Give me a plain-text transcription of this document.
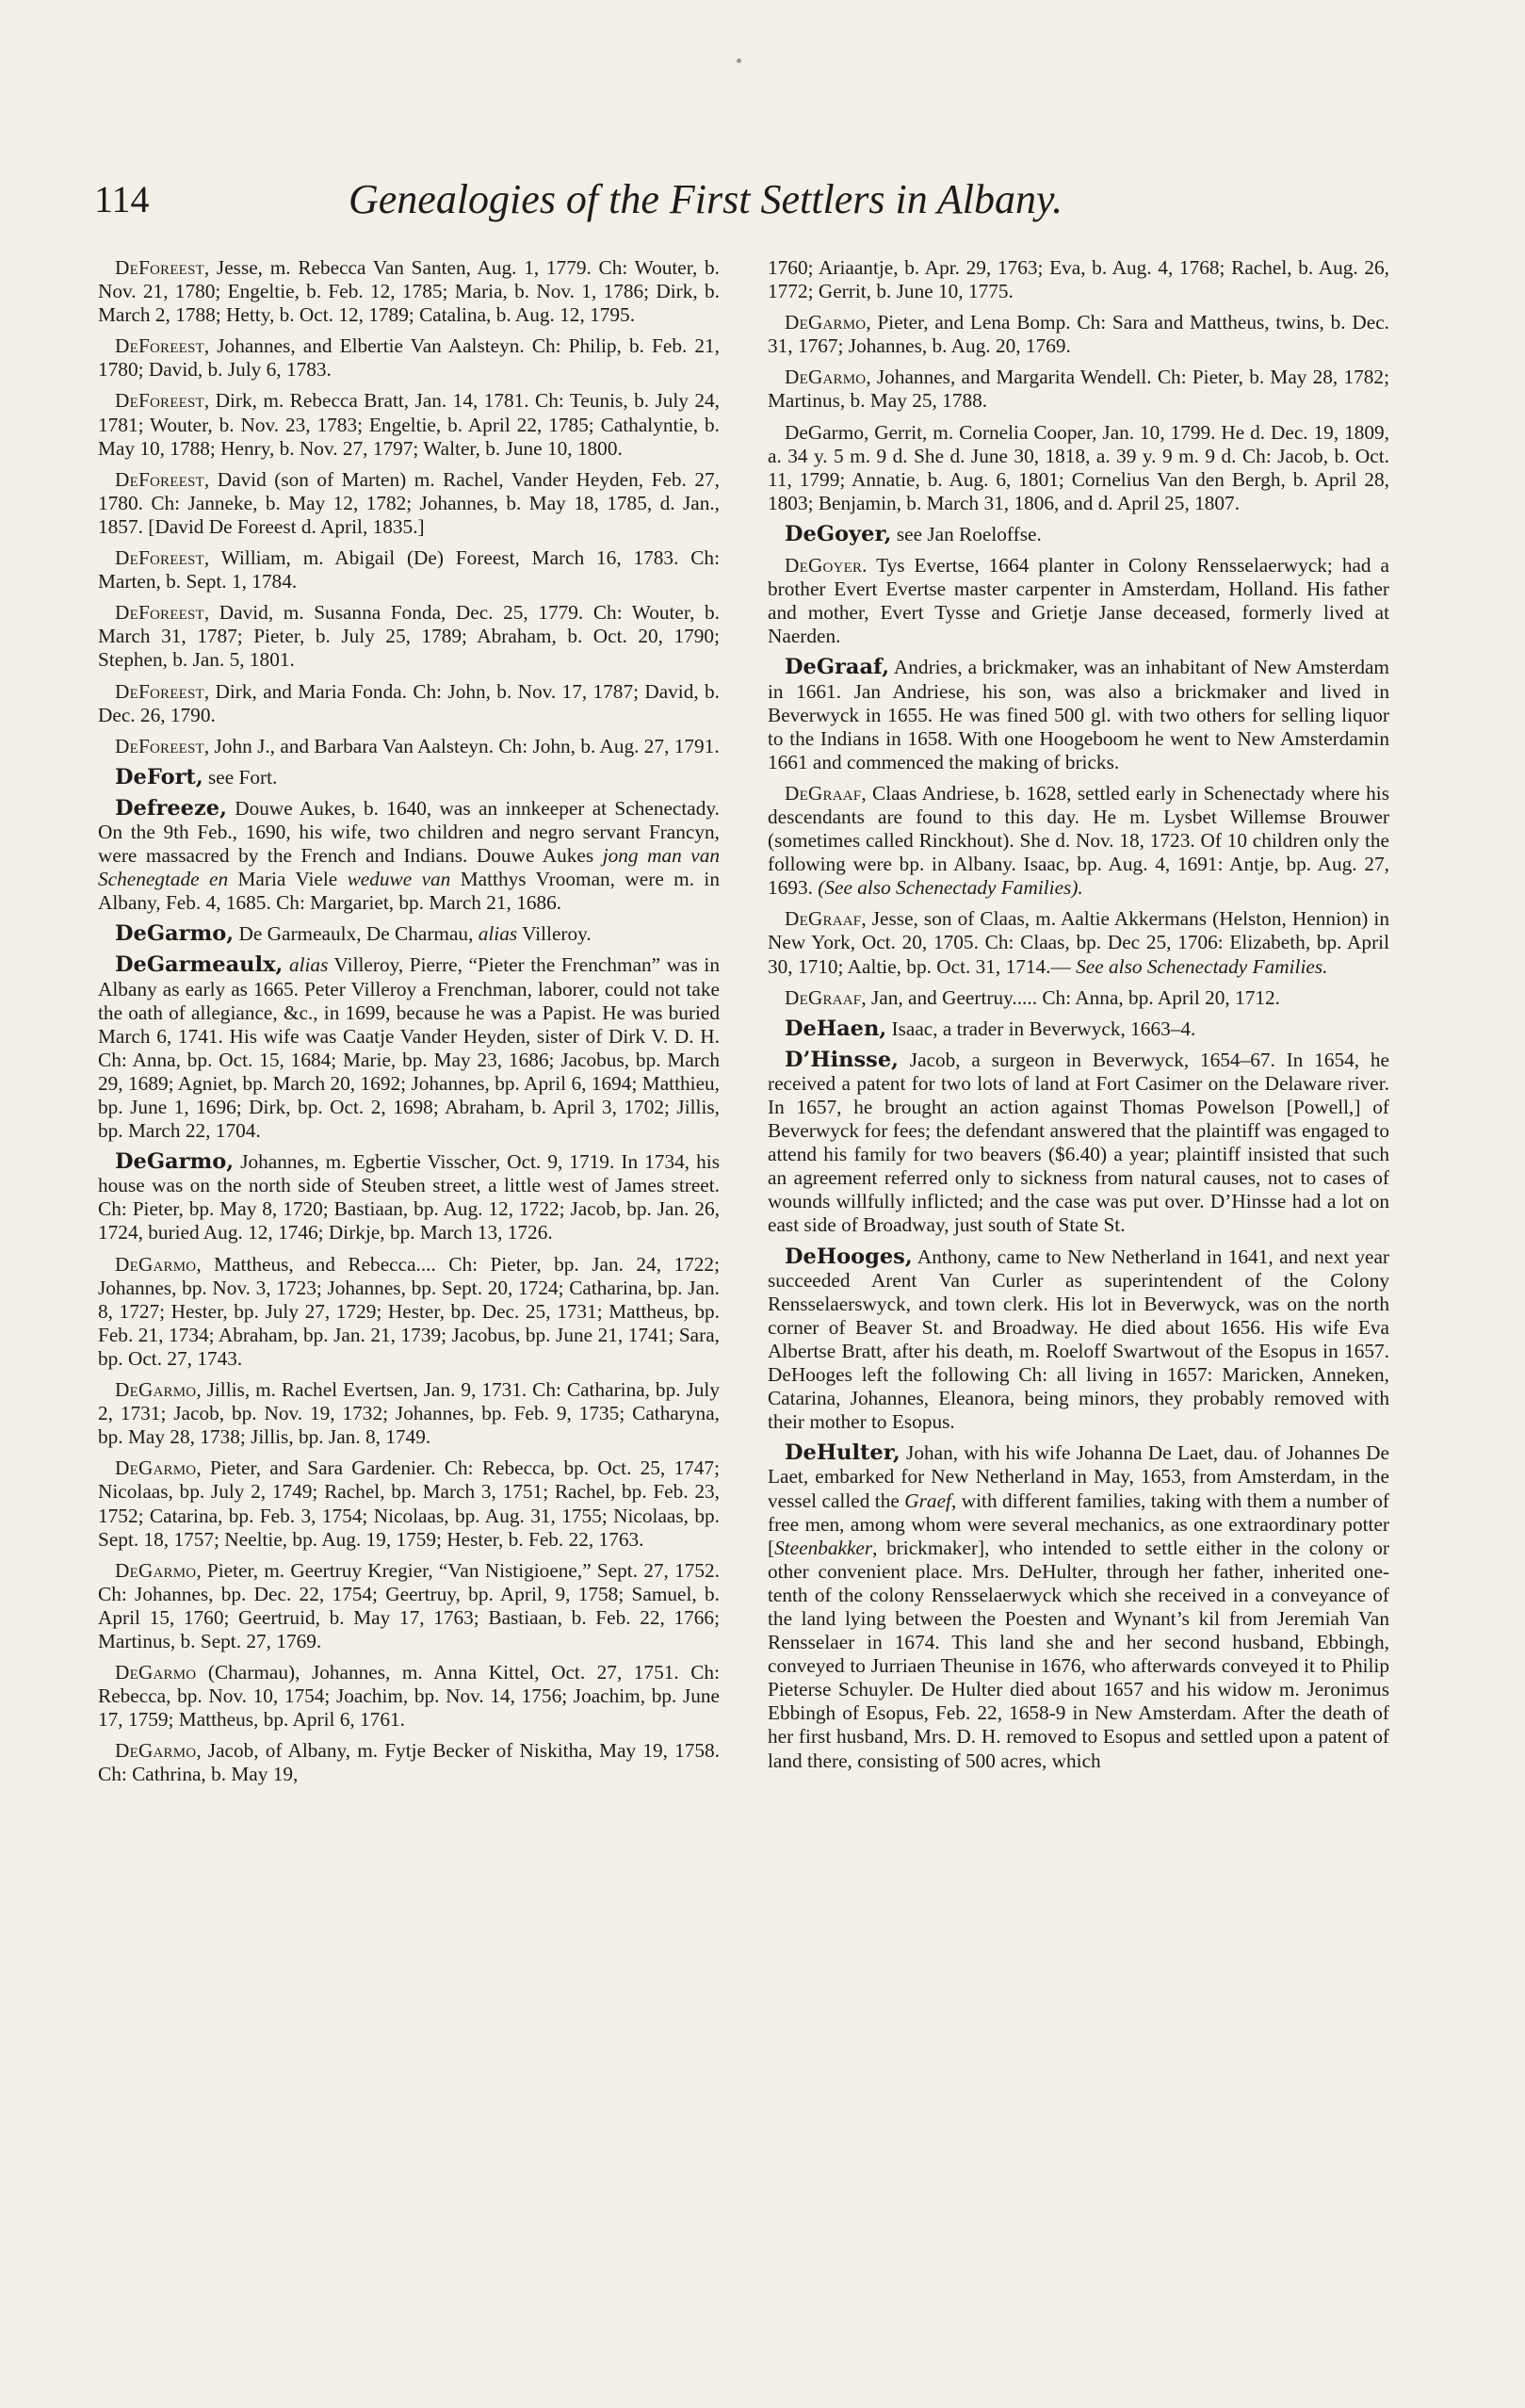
114	Genealogies of the First Settlers in Albany.

DeForeest, Jesse, m. Rebecca Van Santen, Aug. 1, 1779. Ch: Wouter, b. Nov. 21, 1780; Engeltie, b. Feb. 12, 1785; Maria, b. Nov. 1, 1786; Dirk, b. March 2, 1788; Hetty, b. Oct. 12, 1789; Catalina, b. Aug. 12, 1795.

DeForeest, Johannes, and Elbertie Van Aalsteyn. Ch: Philip, b. Feb. 21, 1780; David, b. July 6, 1783.

DeForeest, Dirk, m. Rebecca Bratt, Jan. 14, 1781. Ch: Teunis, b. July 24, 1781; Wouter, b. Nov. 23, 1783; Engeltie, b. April 22, 1785; Cathalyntie, b. May 10, 1788; Henry, b. Nov. 27, 1797; Walter, b. June 10, 1800.

DeForeest, David (son of Marten) m. Rachel, Vander Heyden, Feb. 27, 1780. Ch: Janneke, b. May 12, 1782; Johannes, b. May 18, 1785, d. Jan., 1857. [David De Foreest d. April, 1835.]

DeForeest, William, m. Abigail (De) Foreest, March 16, 1783. Ch: Marten, b. Sept. 1, 1784.

DeForeest, David, m. Susanna Fonda, Dec. 25, 1779. Ch: Wouter, b. March 31, 1787; Pieter, b. July 25, 1789; Abraham, b. Oct. 20, 1790; Stephen, b. Jan. 5, 1801.

DeForeest, Dirk, and Maria Fonda. Ch: John, b. Nov. 17, 1787; David, b. Dec. 26, 1790.

DeForeest, John J., and Barbara Van Aalsteyn. Ch: John, b. Aug. 27, 1791.

DeFort, see Fort.

Defreeze, Douwe Aukes, b. 1640, was an innkeeper at Schenectady. On the 9th Feb., 1690, his wife, two children and negro servant Francyn, were massacred by the French and Indians. Douwe Aukes jong man van Schenegtade en Maria Viele weduwe van Matthys Vrooman, were m. in Albany, Feb. 4, 1685. Ch: Margariet, bp. March 21, 1686.

DeGarmo, De Garmeaulx, De Charmau, alias Villeroy.

DeGarmeaulx, alias Villeroy, Pierre, “Pieter the Frenchman” was in Albany as early as 1665. Peter Villeroy a Frenchman, laborer, could not take the oath of allegiance, &c., in 1699, because he was a Papist. He was buried March 6, 1741. His wife was Caatje Vander Heyden, sister of Dirk V. D. H. Ch: Anna, bp. Oct. 15, 1684; Marie, bp. May 23, 1686; Jacobus, bp. March 29, 1689; Agniet, bp. March 20, 1692; Johannes, bp. April 6, 1694; Matthieu, bp. June 1, 1696; Dirk, bp. Oct. 2, 1698; Abraham, b. April 3, 1702; Jillis, bp. March 22, 1704.

DeGarmo, Johannes, m. Egbertie Visscher, Oct. 9, 1719. In 1734, his house was on the north side of Steuben street, a little west of James street. Ch: Pieter, bp. May 8, 1720; Bastiaan, bp. Aug. 12, 1722; Jacob, bp. Jan. 26, 1724, buried Aug. 12, 1746; Dirkje, bp. March 13, 1726.

DeGarmo, Mattheus, and Rebecca.... Ch: Pieter, bp. Jan. 24, 1722; Johannes, bp. Nov. 3, 1723; Johannes, bp. Sept. 20, 1724; Catharina, bp. Jan. 8, 1727; Hester, bp. July 27, 1729; Hester, bp. Dec. 25, 1731; Mattheus, bp. Feb. 21, 1734; Abraham, bp. Jan. 21, 1739; Jacobus, bp. June 21, 1741; Sara, bp. Oct. 27, 1743.

DeGarmo, Jillis, m. Rachel Evertsen, Jan. 9, 1731. Ch: Catharina, bp. July 2, 1731; Jacob, bp. Nov. 19, 1732; Johannes, bp. Feb. 9, 1735; Catharyna, bp. May 28, 1738; Jillis, bp. Jan. 8, 1749.

DeGarmo, Pieter, and Sara Gardenier. Ch: Rebecca, bp. Oct. 25, 1747; Nicolaas, bp. July 2, 1749; Rachel, bp. March 3, 1751; Rachel, bp. Feb. 23, 1752; Catarina, bp. Feb. 3, 1754; Nicolaas, bp. Aug. 31, 1755; Nicolaas, bp. Sept. 18, 1757; Neeltie, bp. Aug. 19, 1759; Hester, b. Feb. 22, 1763.

DeGarmo, Pieter, m. Geertruy Kregier, “Van Nistigioene,” Sept. 27, 1752. Ch: Johannes, bp. Dec. 22, 1754; Geertruy, bp. April, 9, 1758; Samuel, b. April 15, 1760; Geertruid, b. May 17, 1763; Bastiaan, b. Feb. 22, 1766; Martinus, b. Sept. 27, 1769.

DeGarmo (Charmau), Johannes, m. Anna Kittel, Oct. 27, 1751. Ch: Rebecca, bp. Nov. 10, 1754; Joachim, bp. Nov. 14, 1756; Joachim, bp. June 17, 1759; Mattheus, bp. April 6, 1761.

DeGarmo, Jacob, of Albany, m. Fytje Becker of Niskitha, May 19, 1758. Ch: Cathrina, b. May 19,

1760; Ariaantje, b. Apr. 29, 1763; Eva, b. Aug. 4, 1768; Rachel, b. Aug. 26, 1772; Gerrit, b. June 10, 1775.

DeGarmo, Pieter, and Lena Bomp. Ch: Sara and Mattheus, twins, b. Dec. 31, 1767; Johannes, b. Aug. 20, 1769.

DeGarmo, Johannes, and Margarita Wendell. Ch: Pieter, b. May 28, 1782; Martinus, b. May 25, 1788.

DeGarmo, Gerrit, m. Cornelia Cooper, Jan. 10, 1799. He d. Dec. 19, 1809, a. 34 y. 5 m. 9 d. She d. June 30, 1818, a. 39 y. 9 m. 9 d. Ch: Jacob, b. Oct. 11, 1799; Annatie, b. Aug. 6, 1801; Cornelius Van den Bergh, b. April 28, 1803; Benjamin, b. March 31, 1806, and d. April 25, 1807.

DeGoyer, see Jan Roeloffse.

DeGoyer. Tys Evertse, 1664 planter in Colony Rensselaerwyck; had a brother Evert Evertse master carpenter in Amsterdam, Holland. His father and mother, Evert Tysse and Grietje Janse deceased, formerly lived at Naerden.

DeGraaf, Andries, a brickmaker, was an inhabitant of New Amsterdam in 1661. Jan Andriese, his son, was also a brickmaker and lived in Beverwyck in 1655. He was fined 500 gl. with two others for selling liquor to the Indians in 1658. With one Hoogeboom he went to New Amsterdamin 1661 and commenced the making of bricks.

DeGraaf, Claas Andriese, b. 1628, settled early in Schenectady where his descendants are found to this day. He m. Lysbet Willemse Brouwer (sometimes called Rinckhout). She d. Nov. 18, 1723. Of 10 children only the following were bp. in Albany. Isaac, bp. Aug. 4, 1691: Antje, bp. Aug. 27, 1693. (See also Schenectady Families).

DeGraaf, Jesse, son of Claas, m. Aaltie Akkermans (Helston, Hennion) in New York, Oct. 20, 1705. Ch: Claas, bp. Dec 25, 1706: Elizabeth, bp. April 30, 1710; Aaltie, bp. Oct. 31, 1714.— See also Schenectady Families.

DeGraaf, Jan, and Geertruy..... Ch: Anna, bp. April 20, 1712.

DeHaen, Isaac, a trader in Beverwyck, 1663–4.

D’Hinsse, Jacob, a surgeon in Beverwyck, 1654–67. In 1654, he received a patent for two lots of land at Fort Casimer on the Delaware river. In 1657, he brought an action against Thomas Powelson [Powell,] of Beverwyck for fees; the defendant answered that the plaintiff was engaged to attend his family for two beavers ($6.40) a year; plaintiff insisted that such an agreement referred only to sickness from natural causes, not to cases of wounds willfully inflicted; and the case was put over. D’Hinsse had a lot on east side of Broadway, just south of State St.

DeHooges, Anthony, came to New Netherland in 1641, and next year succeeded Arent Van Curler as superintendent of the Colony Rensselaerswyck, and town clerk. His lot in Beverwyck, was on the north corner of Beaver St. and Broadway. He died about 1656. His wife Eva Albertse Bratt, after his death, m. Roeloff Swartwout of the Esopus in 1657. DeHooges left the following Ch: all living in 1657: Maricken, Anneken, Catarina, Johannes, Eleanora, being minors, they probably removed with their mother to Esopus.

DeHulter, Johan, with his wife Johanna De Laet, dau. of Johannes De Laet, embarked for New Netherland in May, 1653, from Amsterdam, in the vessel called the Graef, with different families, taking with them a number of free men, among whom were several mechanics, as one extraordinary potter [Steenbakker, brickmaker], who intended to settle either in the colony or other convenient place. Mrs. DeHulter, through her father, inherited one-tenth of the colony Rensselaerwyck which she received in a conveyance of the land lying between the Poesten and Wynant’s kil from Jeremiah Van Rensselaer in 1674. This land she and her second husband, Ebbingh, conveyed to Jurriaen Theunise in 1676, who afterwards conveyed it to Philip Pieterse Schuyler. De Hulter died about 1657 and his widow m. Jeronimus Ebbingh of Esopus, Feb. 22, 1658-9 in New Amsterdam. After the death of her first husband, Mrs. D. H. removed to Esopus and settled upon a patent of land there, consisting of 500 acres, which
